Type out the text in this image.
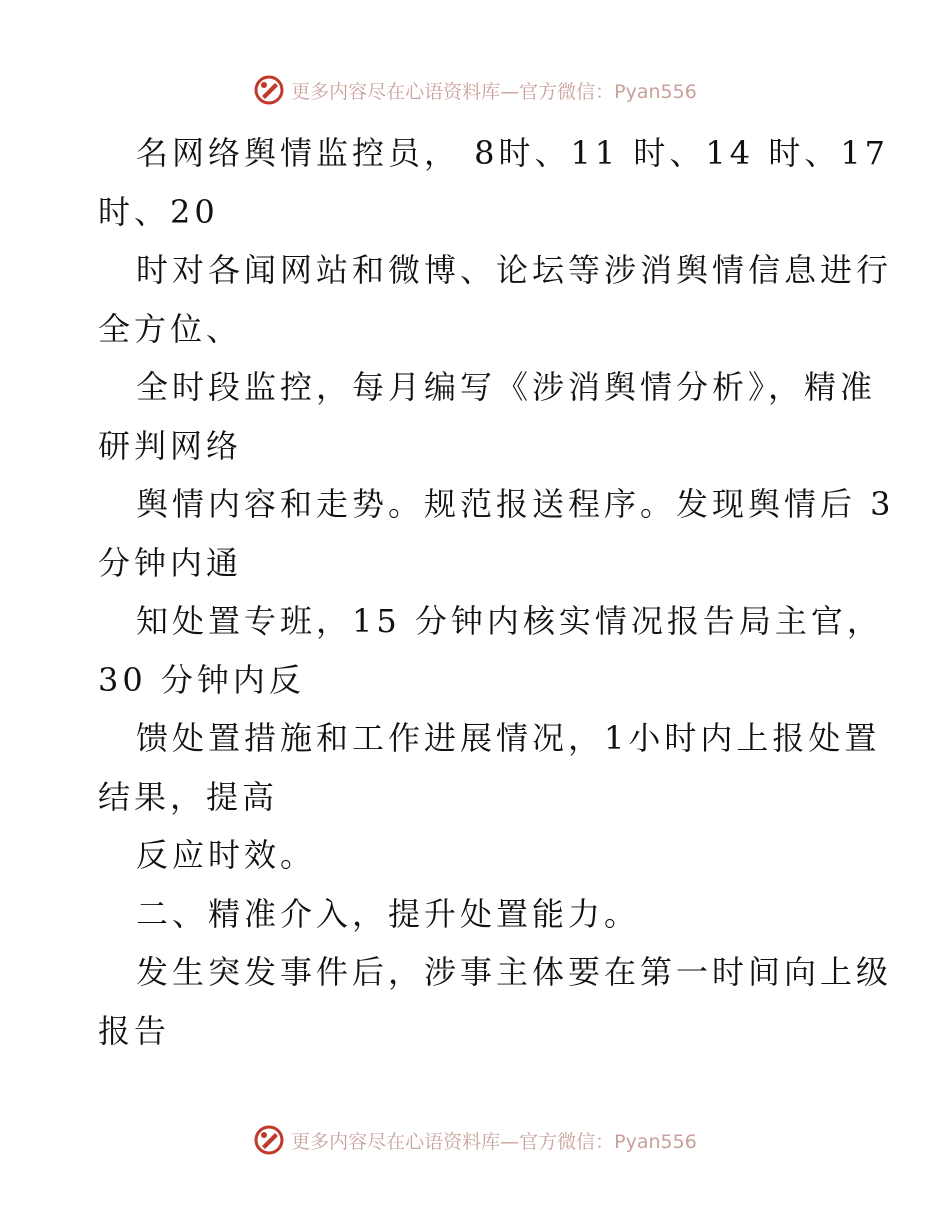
更多内容尽在心语资料库—官方微信：Pyan556
名网络舆情监控员， 8时、11 时、14 时、17
时、20
时对各闻网站和微博、论坛等涉消舆情信息进行
全方位、
全时段监控，每月编写《涉消舆情分析》，精准
研判网络
舆情内容和走势。规范报送程序。发现舆情后 3
分钟内通
知处置专班，15 分钟内核实情况报告局主官，
30 分钟内反
馈处置措施和工作进展情况，1小时内上报处置
结果，提高
反应时效。
二、精准介入，提升处置能力。
发生突发事件后，涉事主体要在第一时间向上级
报告
更多内容尽在心语资料库—官方微信：Pyan556
